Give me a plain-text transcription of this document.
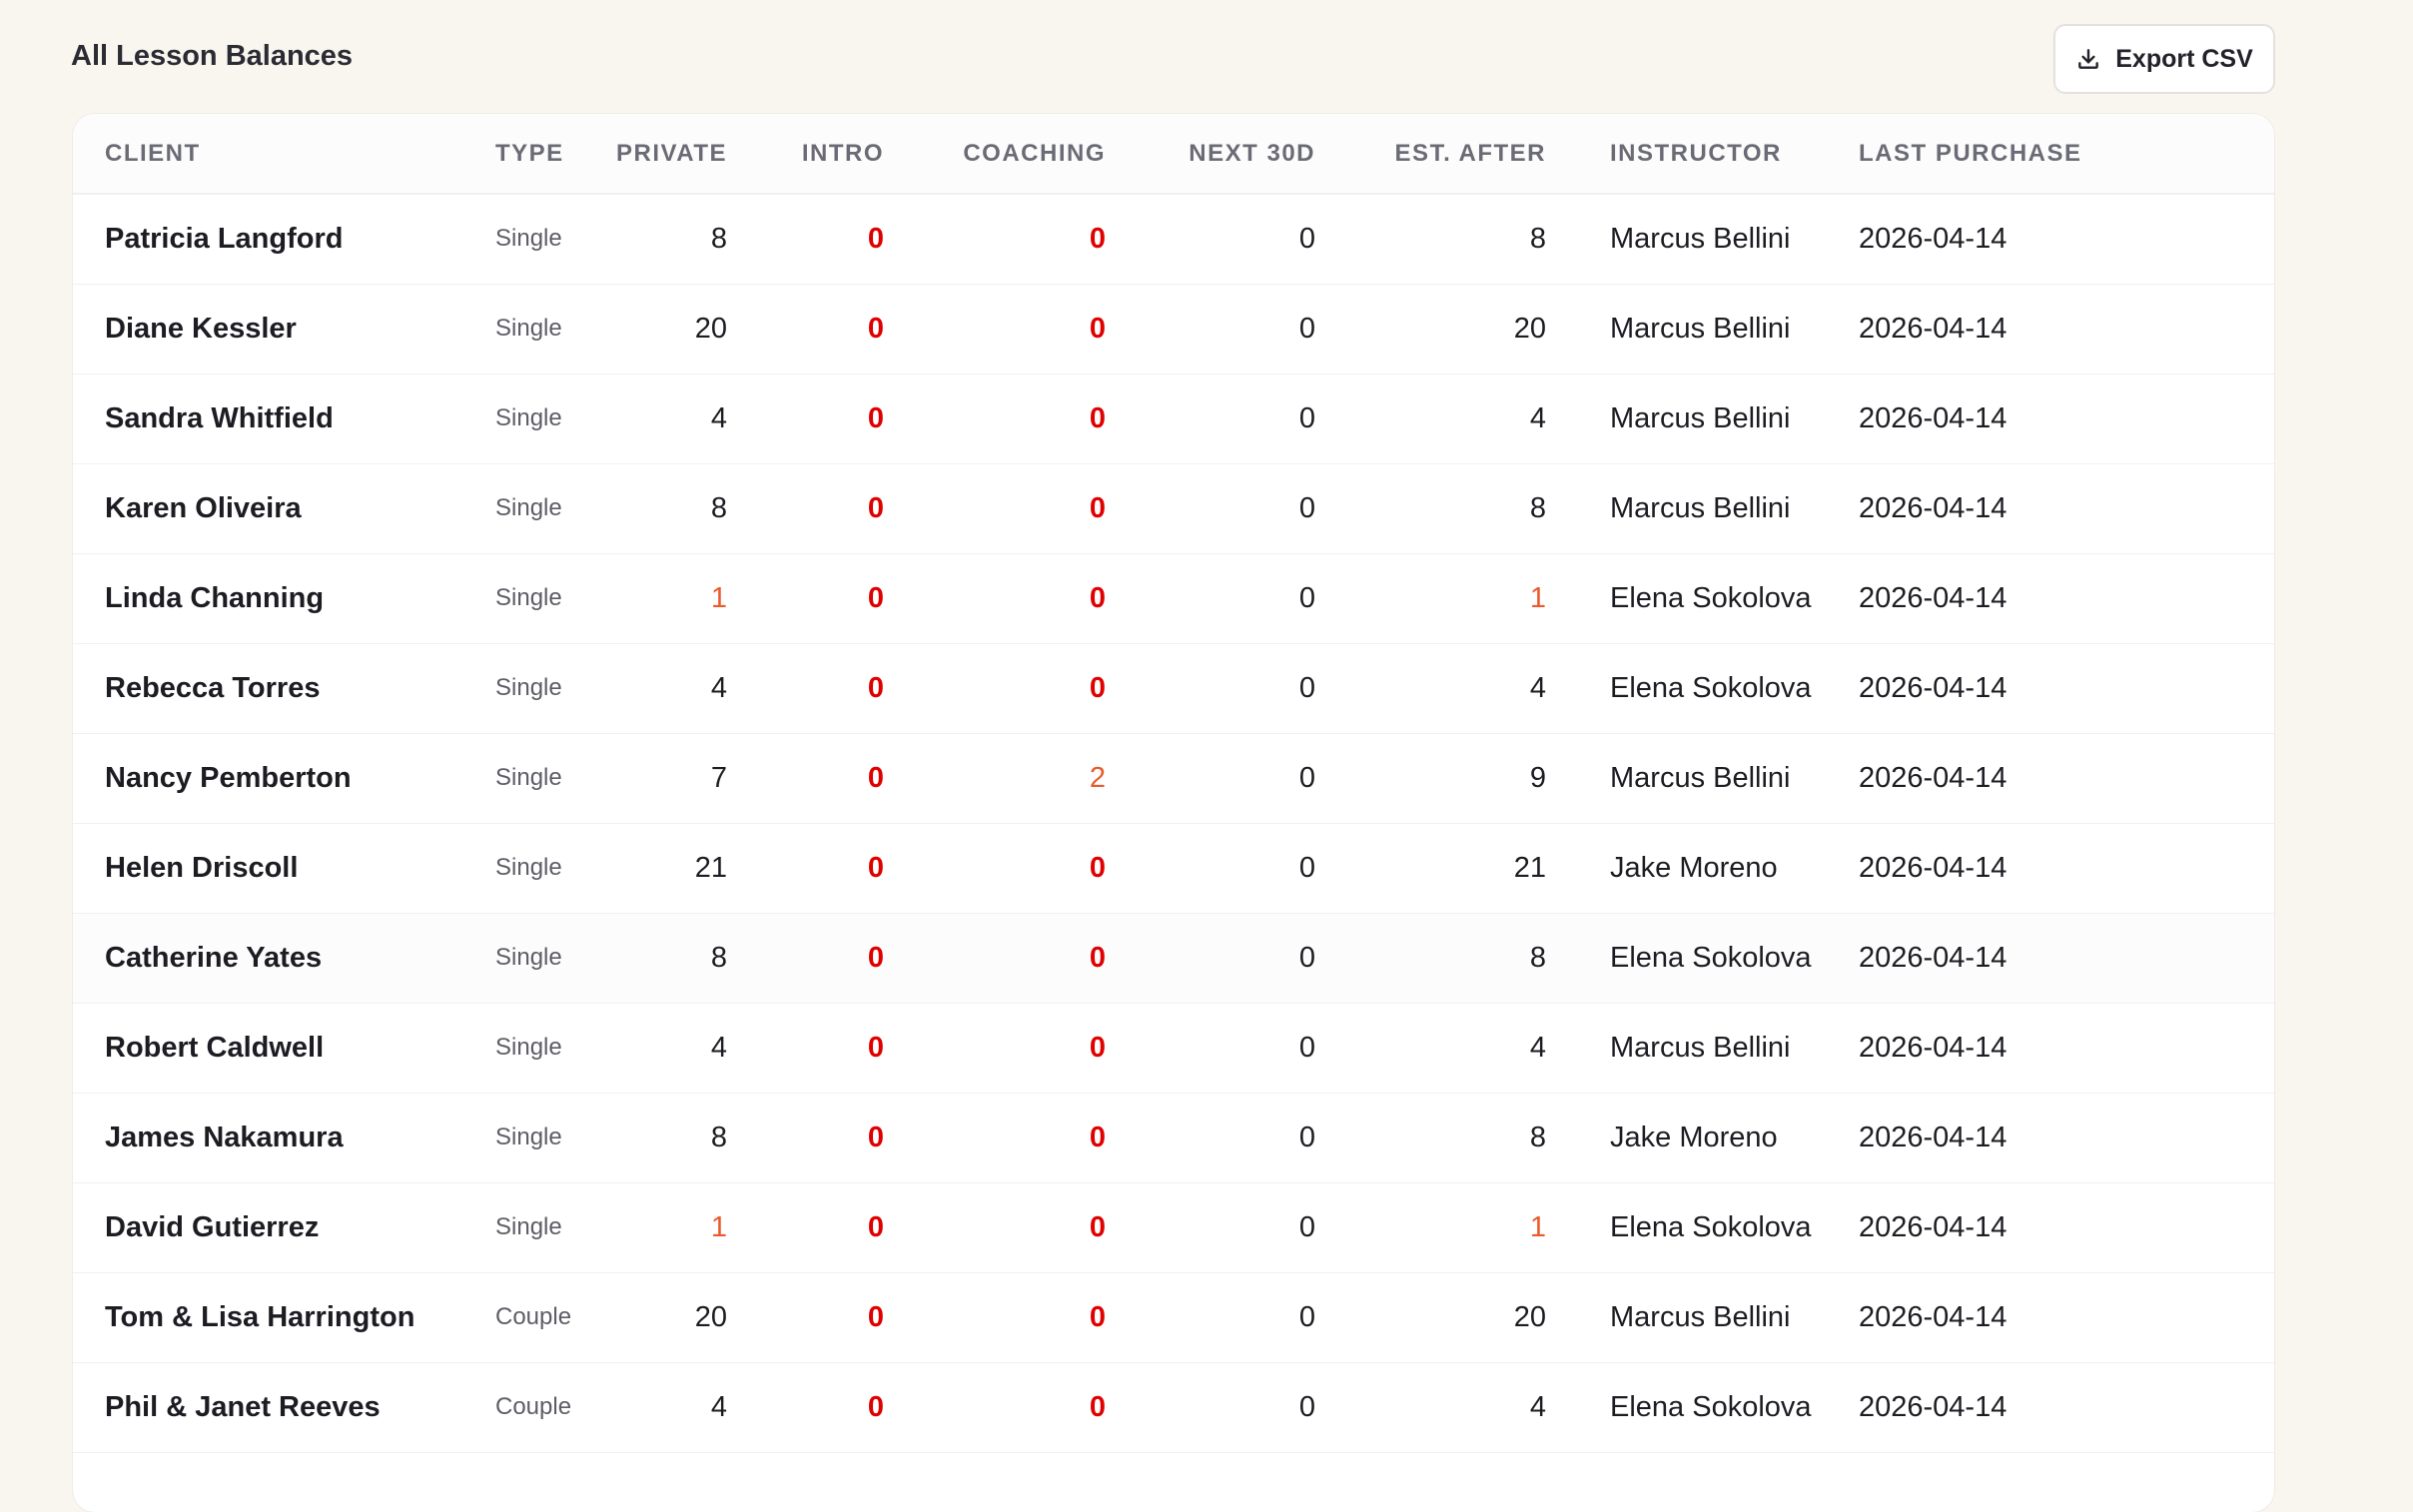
All Lesson Balances	Export CSV
CLIENT	TYPE	PRIVATE	INTRO	COACHING	NEXT 30D	EST. AFTER	INSTRUCTOR	LAST PURCHASE
Patricia Langford	Single	8	0	0	0	8	Marcus Bellini	2026-04-14
Diane Kessler	Single	20	0	0	0	20	Marcus Bellini	2026-04-14
Sandra Whitfield	Single	4	0	0	0	4	Marcus Bellini	2026-04-14
Karen Oliveira	Single	8	0	0	0	8	Marcus Bellini	2026-04-14
Linda Channing	Single	1	0	0	0	1	Elena Sokolova	2026-04-14
Rebecca Torres	Single	4	0	0	0	4	Elena Sokolova	2026-04-14
Nancy Pemberton	Single	7	0	2	0	9	Marcus Bellini	2026-04-14
Helen Driscoll	Single	21	0	0	0	21	Jake Moreno	2026-04-14
Catherine Yates	Single	8	0	0	0	8	Elena Sokolova	2026-04-14
Robert Caldwell	Single	4	0	0	0	4	Marcus Bellini	2026-04-14
James Nakamura	Single	8	0	0	0	8	Jake Moreno	2026-04-14
David Gutierrez	Single	1	0	0	0	1	Elena Sokolova	2026-04-14
Tom & Lisa Harrington	Couple	20	0	0	0	20	Marcus Bellini	2026-04-14
Phil & Janet Reeves	Couple	4	0	0	0	4	Elena Sokolova	2026-04-14
